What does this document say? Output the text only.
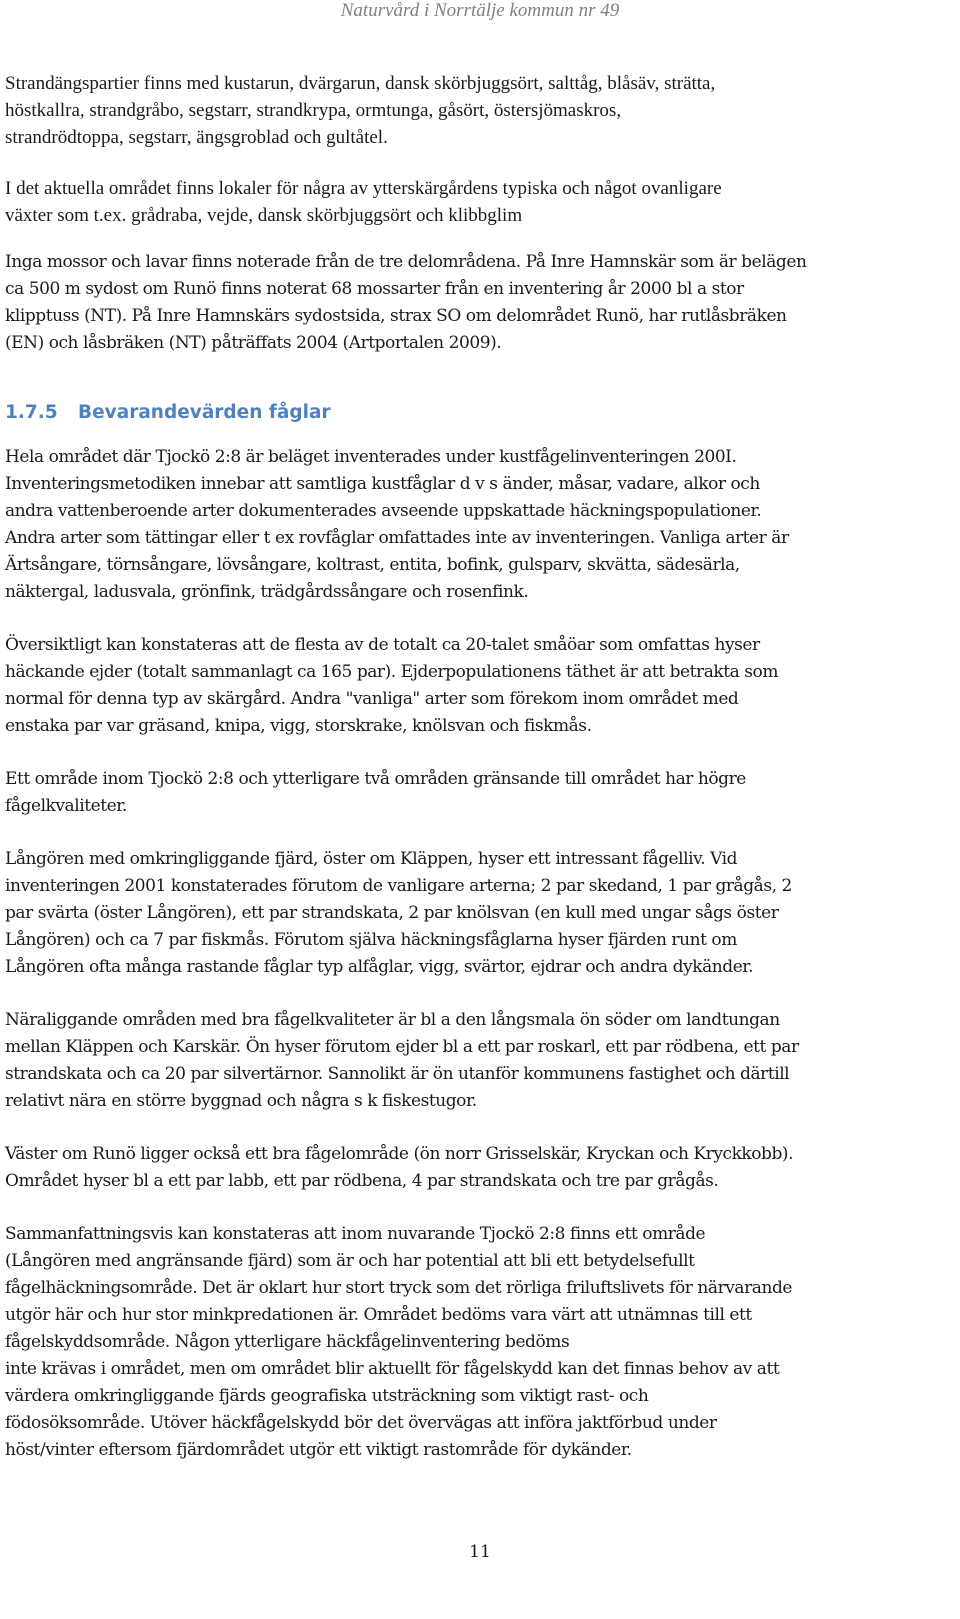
Naturvård i Norrtälje kommun nr 49

Strandängspartier finns med kustarun, dvärgarun, dansk skörbjuggsört, salttåg, blåsäv, strätta,
höstkallra, strandgråbo, segstarr, strandkrypa, ormtunga, gåsört, östersjömaskros,
strandrödtoppa, segstarr, ängsgroblad och gultåtel.

I det aktuella området finns lokaler för några av ytterskärgårdens typiska och något ovanligare
växter som t.ex. grådraba, vejde, dansk skörbjuggsört och klibbglim

Inga mossor och lavar finns noterade från de tre delområdena. På Inre Hamnskär som är belägen
ca 500 m sydost om Runö finns noterat 68 mossarter från en inventering år 2000 bl a stor
klipptuss (NT). På Inre Hamnskärs sydostsida, strax SO om delområdet Runö, har rutlåsbräken
(EN) och låsbräken (NT) påträffats 2004 (Artportalen 2009).

1.7.5 Bevarandevärden fåglar

Hela området där Tjockö 2:8 är beläget inventerades under kustfågelinventeringen 200I.
Inventeringsmetodiken innebar att samtliga kustfåglar d v s änder, måsar, vadare, alkor och
andra vattenberoende arter dokumenterades avseende uppskattade häckningspopulationer.
Andra arter som tättingar eller t ex rovfåglar omfattades inte av inventeringen. Vanliga arter är
Ärtsångare, törnsångare, lövsångare, koltrast, entita, bofink, gulsparv, skvätta, sädesärla,
näktergal, ladusvala, grönfink, trädgårdssångare och rosenfink.

Översiktligt kan konstateras att de flesta av de totalt ca 20-talet småöar som omfattas hyser
häckande ejder (totalt sammanlagt ca 165 par). Ejderpopulationens täthet är att betrakta som
normal för denna typ av skärgård. Andra "vanliga" arter som förekom inom området med
enstaka par var gräsand, knipa, vigg, storskrake, knölsvan och fiskmås.

Ett område inom Tjockö 2:8 och ytterligare två områden gränsande till området har högre
fågelkvaliteter.

Långören med omkringliggande fjärd, öster om Kläppen, hyser ett intressant fågelliv. Vid
inventeringen 2001 konstaterades förutom de vanligare arterna; 2 par skedand, 1 par grågås, 2
par svärta (öster Långören), ett par strandskata, 2 par knölsvan (en kull med ungar sågs öster
Långören) och ca 7 par fiskmås. Förutom själva häckningsfåglarna hyser fjärden runt om
Långören ofta många rastande fåglar typ alfåglar, vigg, svärtor, ejdrar och andra dykänder.

Näraliggande områden med bra fågelkvaliteter är bl a den långsmala ön söder om landtungan
mellan Kläppen och Karskär. Ön hyser förutom ejder bl a ett par roskarl, ett par rödbena, ett par
strandskata och ca 20 par silvertärnor. Sannolikt är ön utanför kommunens fastighet och därtill
relativt nära en större byggnad och några s k fiskestugor.

Väster om Runö ligger också ett bra fågelområde (ön norr Grisselskär, Kryckan och Kryckkobb).
Området hyser bl a ett par labb, ett par rödbena, 4 par strandskata och tre par grågås.

Sammanfattningsvis kan konstateras att inom nuvarande Tjockö 2:8 finns ett område
(Långören med angränsande fjärd) som är och har potential att bli ett betydelsefullt
fågelhäckningsområde. Det är oklart hur stort tryck som det rörliga friluftslivets för närvarande
utgör här och hur stor minkpredationen är. Området bedöms vara värt att utnämnas till ett
fågelskyddsområde. Någon ytterligare häckfågelinventering bedöms
inte krävas i området, men om området blir aktuellt för fågelskydd kan det finnas behov av att
värdera omkringliggande fjärds geografiska utsträckning som viktigt rast- och
födosöksområde. Utöver häckfågelskydd bör det övervägas att införa jaktförbud under
höst/vinter eftersom fjärdområdet utgör ett viktigt rastområde för dykänder.

11
